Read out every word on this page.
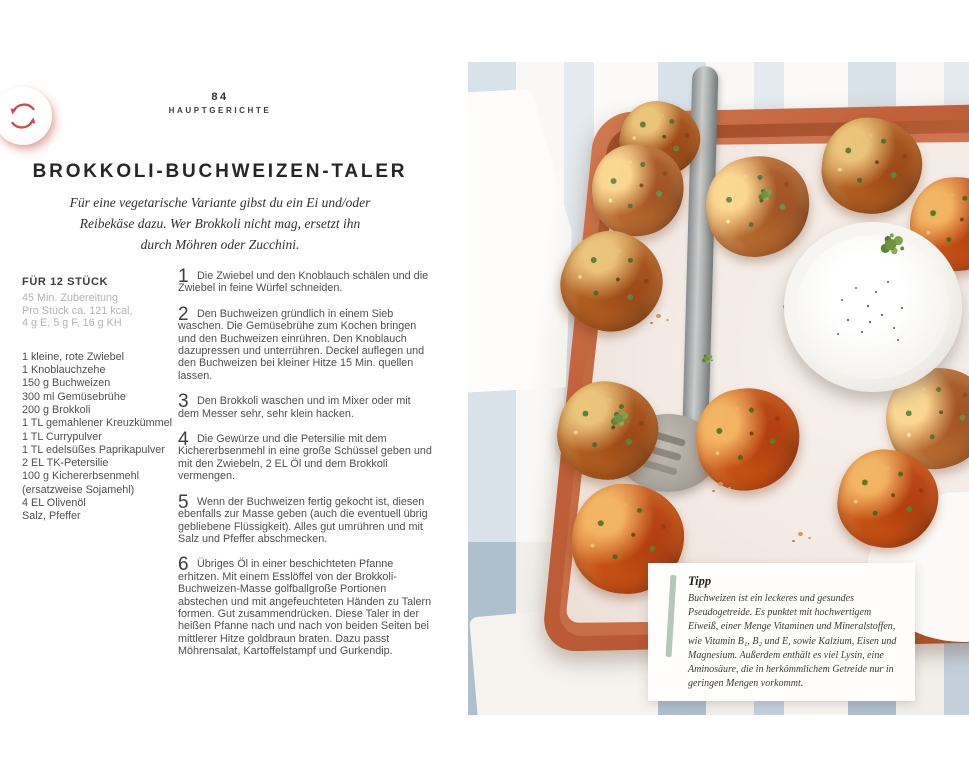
84
HAUPTGERICHTE
BROKKOLI-BUCHWEIZEN-TALER
Für eine vegetarische Variante gibst du ein Ei und/oder
Reibekäse dazu. Wer Brokkoli nicht mag, ersetzt ihn
durch Möhren oder Zucchini.
FÜR 12 STÜCK
45 Min. Zubereitung
Pro Stück ca. 121 kcal,
4 g E, 5 g F, 16 g KH
1 kleine, rote Zwiebel
1 Knoblauchzehe
150 g Buchweizen
300 ml Gemüsebrühe
200 g Brokkoli
1 TL gemahlener Kreuzkümmel
1 TL Currypulver
1 TL edelsüßes Paprikapulver
2 EL TK-Petersilie
100 g Kichererbsenmehl
(ersatzweise Sojamehl)
4 EL Olivenöl
Salz, Pfeffer
1 Die Zwiebel und den Knoblauch schälen und die Zwiebel in feine Würfel schneiden.
2 Den Buchweizen gründlich in einem Sieb waschen. Die Gemüsebrühe zum Kochen bringen und den Buchweizen einrühren. Den Knoblauch dazupressen und unterrühren. Deckel auflegen und den Buchweizen bei kleiner Hitze 15 Min. quellen lassen.
3 Den Brokkoli waschen und im Mixer oder mit dem Messer sehr, sehr klein hacken.
4 Die Gewürze und die Petersilie mit dem Kichererbsenmehl in eine große Schüssel geben und mit den Zwiebeln, 2 EL Öl und dem Brokkoli vermengen.
5 Wenn der Buchweizen fertig gekocht ist, diesen ebenfalls zur Masse geben (auch die eventuell übrig gebliebene Flüssigkeit). Alles gut umrühren und mit Salz und Pfeffer abschmecken.
6 Übriges Öl in einer beschichteten Pfanne erhitzen. Mit einem Esslöffel von der Brokkoli-Buchweizen-Masse golfballgroße Portionen abstechen und mit angefeuchteten Händen zu Talern formen. Gut zusammendrücken. Diese Taler in der heißen Pfanne nach und nach von beiden Seiten bei mittlerer Hitze goldbraun braten. Dazu passt Möhrensalat, Kartoffelstampf und Gurkendip.
Tipp
Buchweizen ist ein leckeres und gesundes Pseudogetreide. Es punktet mit hochwertigem Eiweiß, einer Menge Vitaminen und Mineralstoffen, wie Vitamin B₁, B₂ und E, sowie Kalzium, Eisen und Magnesium. Außerdem enthält es viel Lysin, eine Aminosäure, die in herkömmlichem Getreide nur in geringen Mengen vorkommt.
